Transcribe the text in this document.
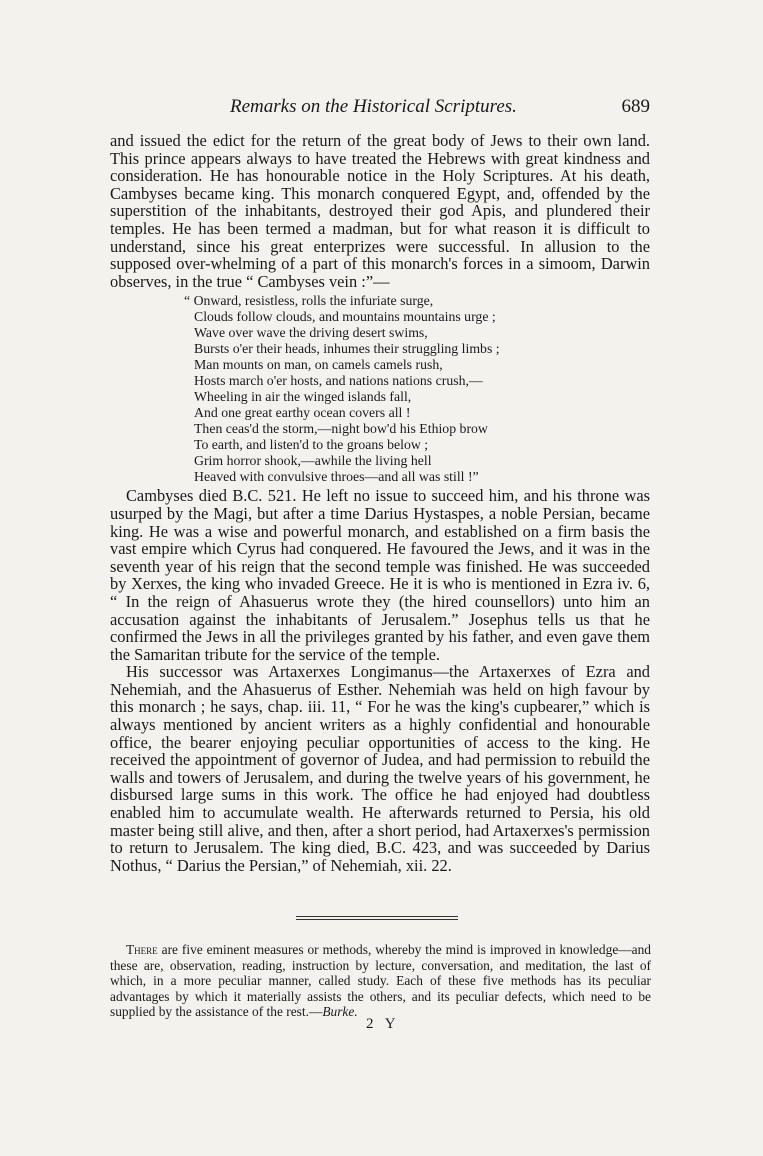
Remarks on the Historical Scriptures.	689

and issued the edict for the return of the great body of Jews to their own land. This prince appears always to have treated the Hebrews with great kindness and consideration. He has honourable notice in the Holy Scriptures. At his death, Cambyses became king. This monarch conquered Egypt, and, offended by the superstition of the inhabitants, destroyed their god Apis, and plundered their temples. He has been termed a madman, but for what reason it is difficult to understand, since his great enterprizes were successful. In allusion to the supposed over-whelming of a part of this monarch's forces in a simoom, Darwin observes, in the true “ Cambyses vein :”—

“ Onward, resistless, rolls the infuriate surge,
Clouds follow clouds, and mountains mountains urge ;
Wave over wave the driving desert swims,
Bursts o'er their heads, inhumes their struggling limbs ;
Man mounts on man, on camels camels rush,
Hosts march o'er hosts, and nations nations crush,—
Wheeling in air the winged islands fall,
And one great earthy ocean covers all !
Then ceas'd the storm,—night bow'd his Ethiop brow
To earth, and listen'd to the groans below ;
Grim horror shook,—awhile the living hell
Heaved with convulsive throes—and all was still !”

Cambyses died B.C. 521. He left no issue to succeed him, and his throne was usurped by the Magi, but after a time Darius Hystaspes, a noble Persian, became king. He was a wise and powerful monarch, and established on a firm basis the vast empire which Cyrus had conquered. He favoured the Jews, and it was in the seventh year of his reign that the second temple was finished. He was succeeded by Xerxes, the king who invaded Greece. He it is who is mentioned in Ezra iv. 6, “ In the reign of Ahasuerus wrote they (the hired counsellors) unto him an accusation against the inhabitants of Jerusalem.” Josephus tells us that he confirmed the Jews in all the privileges granted by his father, and even gave them the Samaritan tribute for the service of the temple.

His successor was Artaxerxes Longimanus—the Artaxerxes of Ezra and Nehemiah, and the Ahasuerus of Esther. Nehemiah was held on high favour by this monarch ; he says, chap. iii. 11, “ For he was the king's cupbearer,” which is always mentioned by ancient writers as a highly confidential and honourable office, the bearer enjoying peculiar opportunities of access to the king. He received the appointment of governor of Judea, and had permission to rebuild the walls and towers of Jerusalem, and during the twelve years of his government, he disbursed large sums in this work. The office he had enjoyed had doubtless enabled him to accumulate wealth. He afterwards returned to Persia, his old master being still alive, and then, after a short period, had Artaxerxes's permission to return to Jerusalem. The king died, B.C. 423, and was succeeded by Darius Nothus, “ Darius the Persian,” of Nehemiah, xii. 22.

There are five eminent measures or methods, whereby the mind is improved in knowledge—and these are, observation, reading, instruction by lecture, conversation, and meditation, the last of which, in a more peculiar manner, called study. Each of these five methods has its peculiar advantages by which it materially assists the others, and its peculiar defects, which need to be supplied by the assistance of the rest.—Burke.

2 Y
